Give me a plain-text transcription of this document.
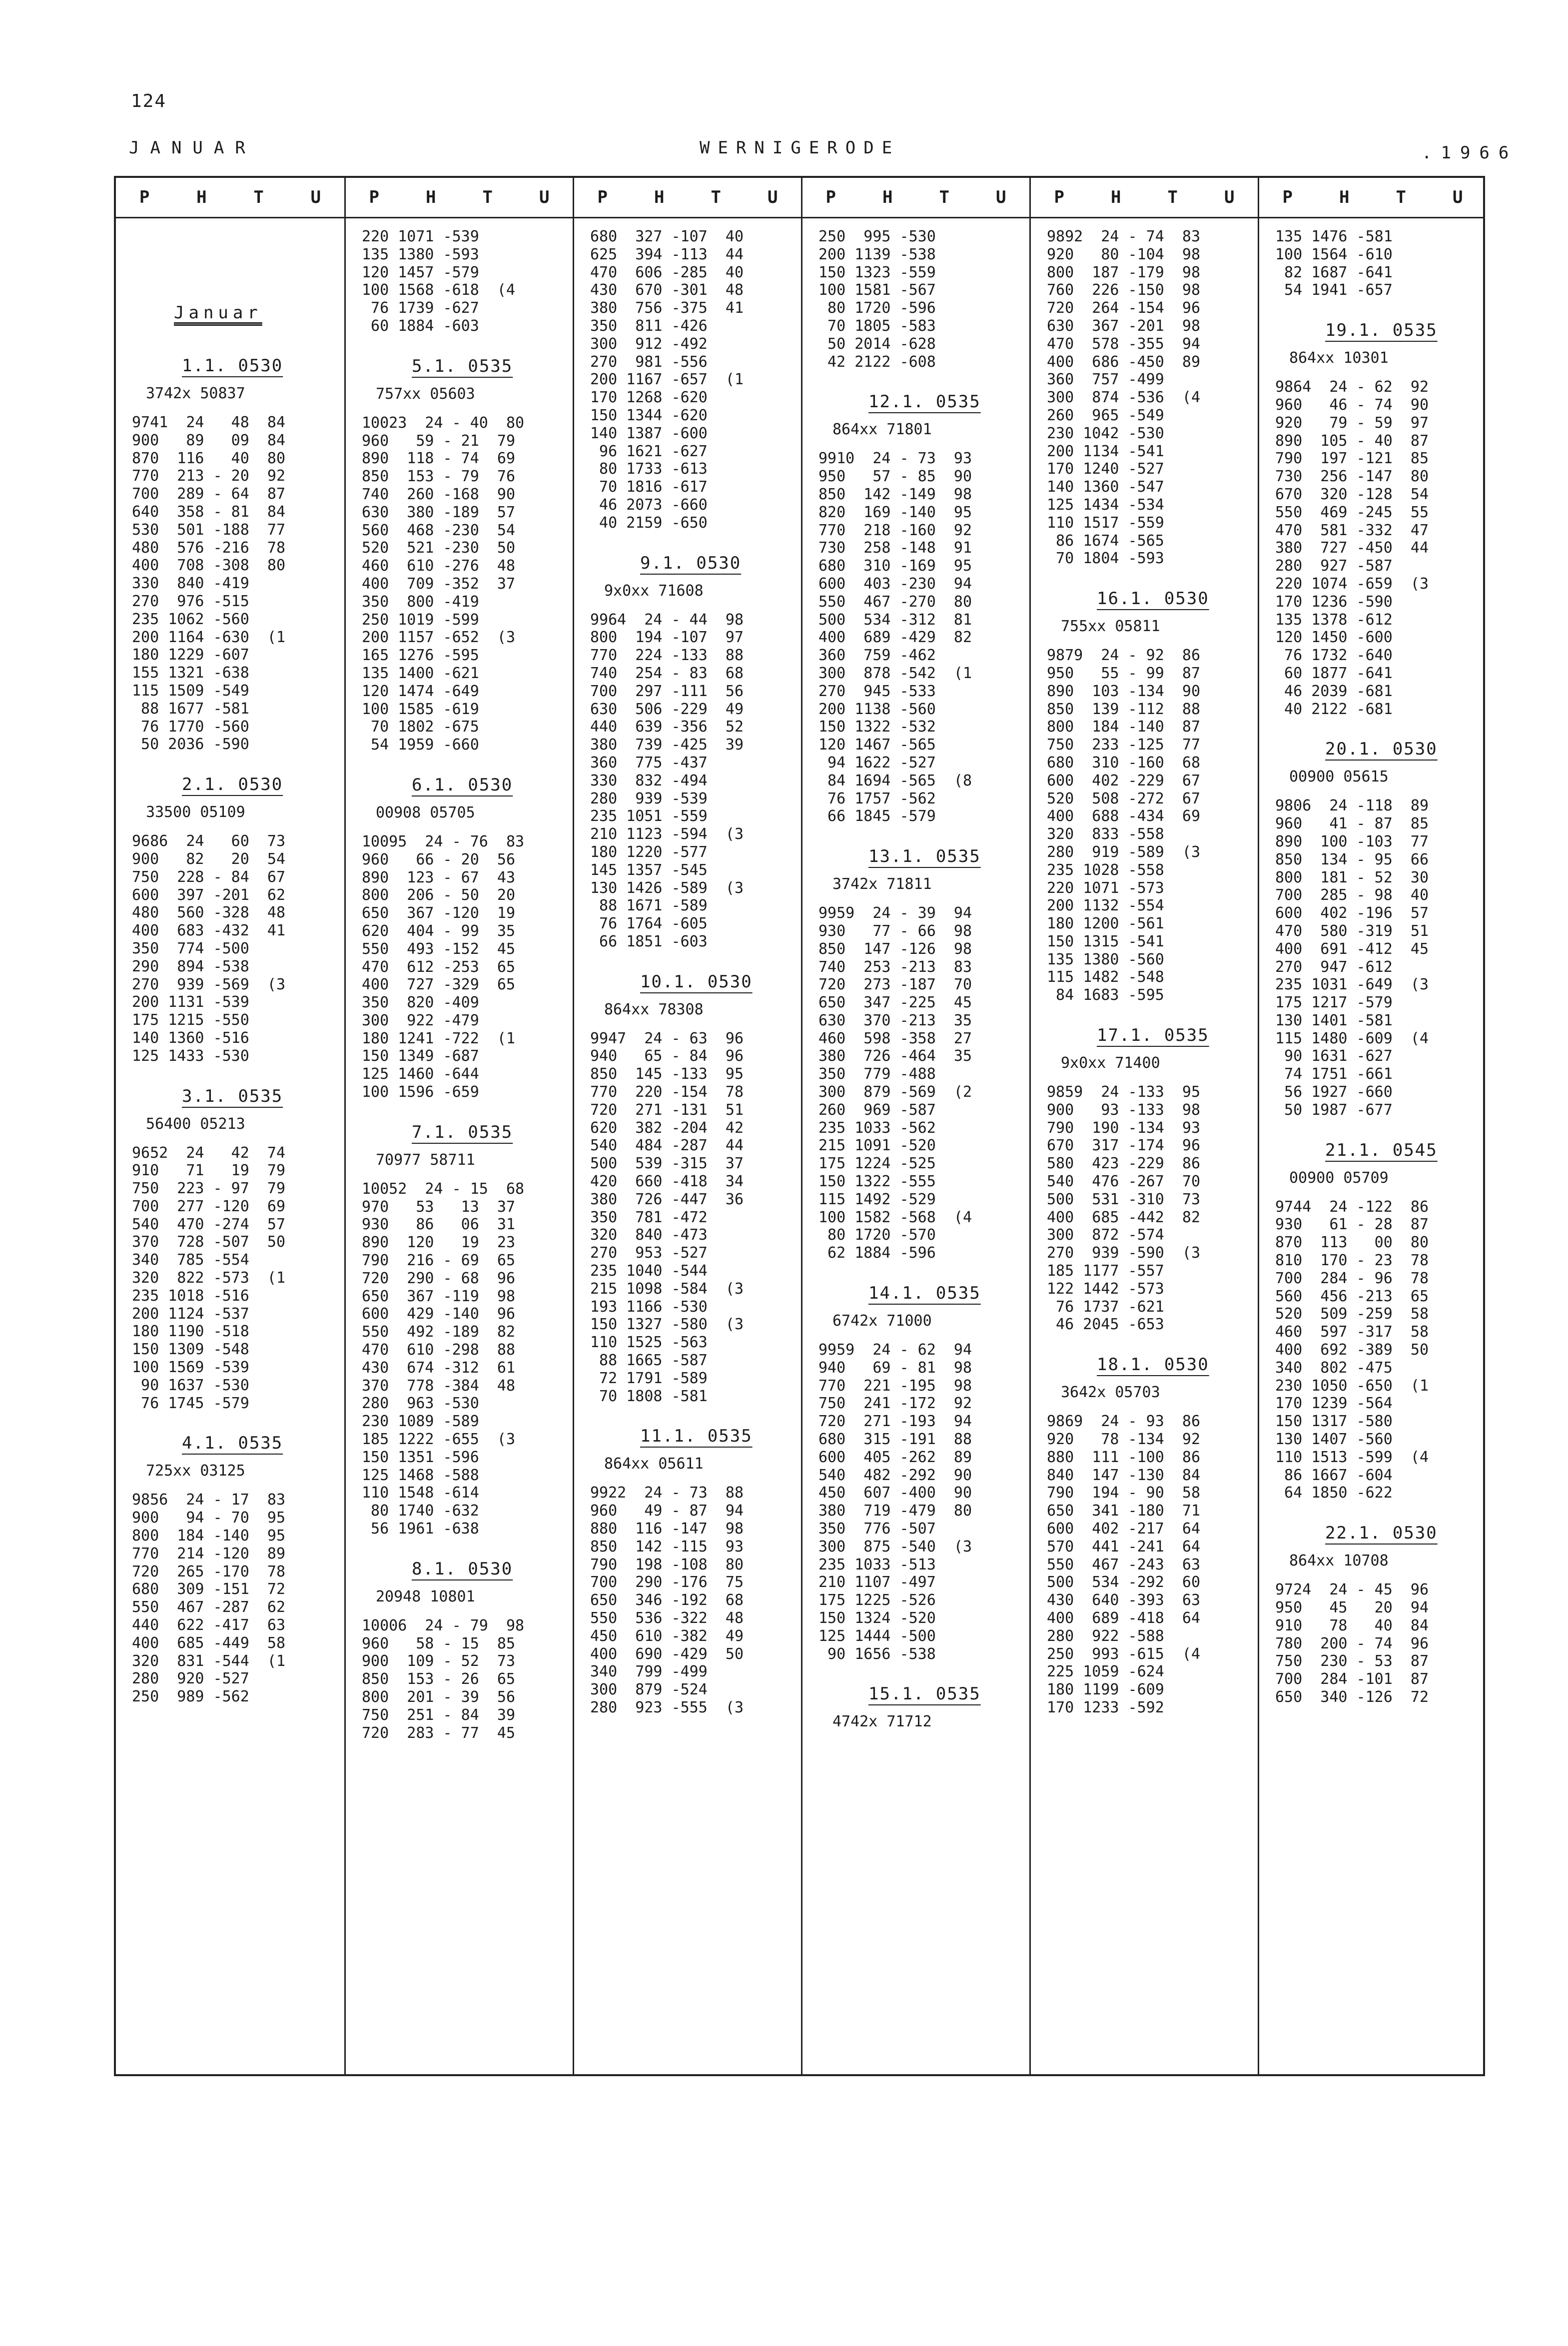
124
JANUAR	WERNIGERODE	.1966
P	H	T	U
Januar
1.1. 0530
3742x 50837
9741  24   48  84
900   89   09  84
870  116   40  80
770  213 - 20  92
700  289 - 64  87
640  358 - 81  84
530  501 -188  77
480  576 -216  78
400  708 -308  80
330  840 -419
270  976 -515
235 1062 -560
200 1164 -630  (1
180 1229 -607
155 1321 -638
115 1509 -549
88 1677 -581
76 1770 -560
50 2036 -590
2.1. 0530
33500 05109
9686  24   60  73
900   82   20  54
750  228 - 84  67
600  397 -201  62
480  560 -328  48
400  683 -432  41
350  774 -500
290  894 -538
270  939 -569  (3
200 1131 -539
175 1215 -550
140 1360 -516
125 1433 -530
3.1. 0535
56400 05213
9652  24   42  74
910   71   19  79
750  223 - 97  79
700  277 -120  69
540  470 -274  57
370  728 -507  50
340  785 -554
320  822 -573  (1
235 1018 -516
200 1124 -537
180 1190 -518
150 1309 -548
100 1569 -539
90 1637 -530
76 1745 -579
4.1. 0535
725xx 03125
9856  24 - 17  83
900   94 - 70  95
800  184 -140  95
770  214 -120  89
720  265 -170  78
680  309 -151  72
550  467 -287  62
440  622 -417  63
400  685 -449  58
320  831 -544  (1
280  920 -527
250  989 -562
P	H	T	U
220 1071 -539
135 1380 -593
120 1457 -579
100 1568 -618  (4
76 1739 -627
60 1884 -603
5.1. 0535
757xx 05603
10023  24 - 40  80
960   59 - 21  79
890  118 - 74  69
850  153 - 79  76
740  260 -168  90
630  380 -189  57
560  468 -230  54
520  521 -230  50
460  610 -276  48
400  709 -352  37
350  800 -419
250 1019 -599
200 1157 -652  (3
165 1276 -595
135 1400 -621
120 1474 -649
100 1585 -619
70 1802 -675
54 1959 -660
6.1. 0530
00908 05705
10095  24 - 76  83
960   66 - 20  56
890  123 - 67  43
800  206 - 50  20
650  367 -120  19
620  404 - 99  35
550  493 -152  45
470  612 -253  65
400  727 -329  65
350  820 -409
300  922 -479
180 1241 -722  (1
150 1349 -687
125 1460 -644
100 1596 -659
7.1. 0535
70977 58711
10052  24 - 15  68
970   53   13  37
930   86   06  31
890  120   19  23
790  216 - 69  65
720  290 - 68  96
650  367 -119  98
600  429 -140  96
550  492 -189  82
470  610 -298  88
430  674 -312  61
370  778 -384  48
280  963 -530
230 1089 -589
185 1222 -655  (3
150 1351 -596
125 1468 -588
110 1548 -614
80 1740 -632
56 1961 -638
8.1. 0530
20948 10801
10006  24 - 79  98
960   58 - 15  85
900  109 - 52  73
850  153 - 26  65
800  201 - 39  56
750  251 - 84  39
720  283 - 77  45
P	H	T	U
680  327 -107  40
625  394 -113  44
470  606 -285  40
430  670 -301  48
380  756 -375  41
350  811 -426
300  912 -492
270  981 -556
200 1167 -657  (1
170 1268 -620
150 1344 -620
140 1387 -600
96 1621 -627
80 1733 -613
70 1816 -617
46 2073 -660
40 2159 -650
9.1. 0530
9x0xx 71608
9964  24 - 44  98
800  194 -107  97
770  224 -133  88
740  254 - 83  68
700  297 -111  56
630  506 -229  49
440  639 -356  52
380  739 -425  39
360  775 -437
330  832 -494
280  939 -539
235 1051 -559
210 1123 -594  (3
180 1220 -577
145 1357 -545
130 1426 -589  (3
88 1671 -589
76 1764 -605
66 1851 -603
10.1. 0530
864xx 78308
9947  24 - 63  96
940   65 - 84  96
850  145 -133  95
770  220 -154  78
720  271 -131  51
620  382 -204  42
540  484 -287  44
500  539 -315  37
420  660 -418  34
380  726 -447  36
350  781 -472
320  840 -473
270  953 -527
235 1040 -544
215 1098 -584  (3
193 1166 -530
150 1327 -580  (3
110 1525 -563
88 1665 -587
72 1791 -589
70 1808 -581
11.1. 0535
864xx 05611
9922  24 - 73  88
960   49 - 87  94
880  116 -147  98
850  142 -115  93
790  198 -108  80
700  290 -176  75
650  346 -192  68
550  536 -322  48
450  610 -382  49
400  690 -429  50
340  799 -499
300  879 -524
280  923 -555  (3
P	H	T	U
250  995 -530
200 1139 -538
150 1323 -559
100 1581 -567
80 1720 -596
70 1805 -583
50 2014 -628
42 2122 -608
12.1. 0535
864xx 71801
9910  24 - 73  93
950   57 - 85  90
850  142 -149  98
820  169 -140  95
770  218 -160  92
730  258 -148  91
680  310 -169  95
600  403 -230  94
550  467 -270  80
500  534 -312  81
400  689 -429  82
360  759 -462
300  878 -542  (1
270  945 -533
200 1138 -560
150 1322 -532
120 1467 -565
94 1622 -527
84 1694 -565  (8
76 1757 -562
66 1845 -579
13.1. 0535
3742x 71811
9959  24 - 39  94
930   77 - 66  98
850  147 -126  98
740  253 -213  83
720  273 -187  70
650  347 -225  45
630  370 -213  35
460  598 -358  27
380  726 -464  35
350  779 -488
300  879 -569  (2
260  969 -587
235 1033 -562
215 1091 -520
175 1224 -525
150 1322 -555
115 1492 -529
100 1582 -568  (4
80 1720 -570
62 1884 -596
14.1. 0535
6742x 71000
9959  24 - 62  94
940   69 - 81  98
770  221 -195  98
750  241 -172  92
720  271 -193  94
680  315 -191  88
600  405 -262  89
540  482 -292  90
450  607 -400  90
380  719 -479  80
350  776 -507
300  875 -540  (3
235 1033 -513
210 1107 -497
175 1225 -526
150 1324 -520
125 1444 -500
90 1656 -538
15.1. 0535
4742x 71712
P	H	T	U
9892  24 - 74  83
920   80 -104  98
800  187 -179  98
760  226 -150  98
720  264 -154  96
630  367 -201  98
470  578 -355  94
400  686 -450  89
360  757 -499
300  874 -536  (4
260  965 -549
230 1042 -530
200 1134 -541
170 1240 -527
140 1360 -547
125 1434 -534
110 1517 -559
86 1674 -565
70 1804 -593
16.1. 0530
755xx 05811
9879  24 - 92  86
950   55 - 99  87
890  103 -134  90
850  139 -112  88
800  184 -140  87
750  233 -125  77
680  310 -160  68
600  402 -229  67
520  508 -272  67
400  688 -434  69
320  833 -558
280  919 -589  (3
235 1028 -558
220 1071 -573
200 1132 -554
180 1200 -561
150 1315 -541
135 1380 -560
115 1482 -548
84 1683 -595
17.1. 0535
9x0xx 71400
9859  24 -133  95
900   93 -133  98
790  190 -134  93
670  317 -174  96
580  423 -229  86
540  476 -267  70
500  531 -310  73
400  685 -442  82
300  872 -574
270  939 -590  (3
185 1177 -557
122 1442 -573
76 1737 -621
46 2045 -653
18.1. 0530
3642x 05703
9869  24 - 93  86
920   78 -134  92
880  111 -100  86
840  147 -130  84
790  194 - 90  58
650  341 -180  71
600  402 -217  64
570  441 -241  64
550  467 -243  63
500  534 -292  60
430  640 -393  63
400  689 -418  64
280  922 -588
250  993 -615  (4
225 1059 -624
180 1199 -609
170 1233 -592
P	H	T	U
135 1476 -581
100 1564 -610
82 1687 -641
54 1941 -657
19.1. 0535
864xx 10301
9864  24 - 62  92
960   46 - 74  90
920   79 - 59  97
890  105 - 40  87
790  197 -121  85
730  256 -147  80
670  320 -128  54
550  469 -245  55
470  581 -332  47
380  727 -450  44
280  927 -587
220 1074 -659  (3
170 1236 -590
135 1378 -612
120 1450 -600
76 1732 -640
60 1877 -641
46 2039 -681
40 2122 -681
20.1. 0530
00900 05615
9806  24 -118  89
960   41 - 87  85
890  100 -103  77
850  134 - 95  66
800  181 - 52  30
700  285 - 98  40
600  402 -196  57
470  580 -319  51
400  691 -412  45
270  947 -612
235 1031 -649  (3
175 1217 -579
130 1401 -581
115 1480 -609  (4
90 1631 -627
74 1751 -661
56 1927 -660
50 1987 -677
21.1. 0545
00900 05709
9744  24 -122  86
930   61 - 28  87
870  113   00  80
810  170 - 23  78
700  284 - 96  78
560  456 -213  65
520  509 -259  58
460  597 -317  58
400  692 -389  50
340  802 -475
230 1050 -650  (1
170 1239 -564
150 1317 -580
130 1407 -560
110 1513 -599  (4
86 1667 -604
64 1850 -622
22.1. 0530
864xx 10708
9724  24 - 45  96
950   45   20  94
910   78   40  84
780  200 - 74  96
750  230 - 53  87
700  284 -101  87
650  340 -126  72
